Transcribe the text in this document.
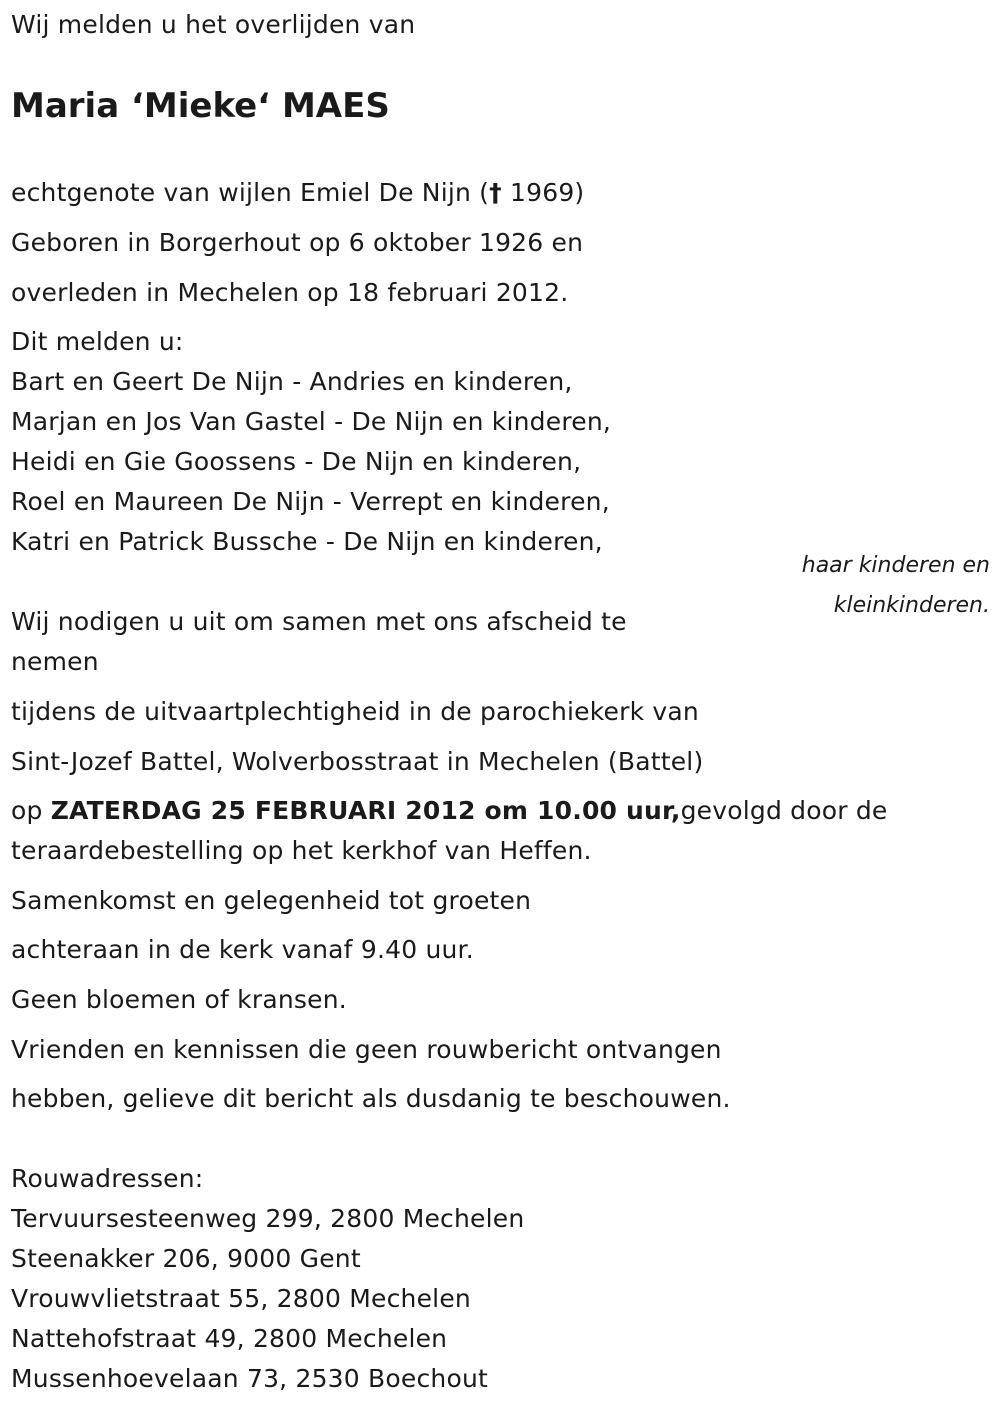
Wij melden u het overlijden van
Maria ‘Mieke‘ MAES
echtgenote van wijlen Emiel De Nijn († 1969)
Geboren in Borgerhout op 6 oktober 1926 en
overleden in Mechelen op 18 februari 2012.
Dit melden u:
Bart en Geert De Nijn - Andries en kinderen,
Marjan en Jos Van Gastel - De Nijn en kinderen,
Heidi en Gie Goossens - De Nijn en kinderen,
Roel en Maureen De Nijn - Verrept en kinderen,
Katri en Patrick Bussche - De Nijn en kinderen,
haar kinderen en
kleinkinderen.
Wij nodigen u uit om samen met ons afscheid te
nemen
tijdens de uitvaartplechtigheid in de parochiekerk van
Sint-Jozef Battel, Wolverbosstraat in Mechelen (Battel)
op ZATERDAG 25 FEBRUARI 2012 om 10.00 uur,gevolgd door de
teraardebestelling op het kerkhof van Heffen.
Samenkomst en gelegenheid tot groeten
achteraan in de kerk vanaf 9.40 uur.
Geen bloemen of kransen.
Vrienden en kennissen die geen rouwbericht ontvangen
hebben, gelieve dit bericht als dusdanig te beschouwen.
Rouwadressen:
Tervuursesteenweg 299, 2800 Mechelen
Steenakker 206, 9000 Gent
Vrouwvlietstraat 55, 2800 Mechelen
Nattehofstraat 49, 2800 Mechelen
Mussenhoevelaan 73, 2530 Boechout
